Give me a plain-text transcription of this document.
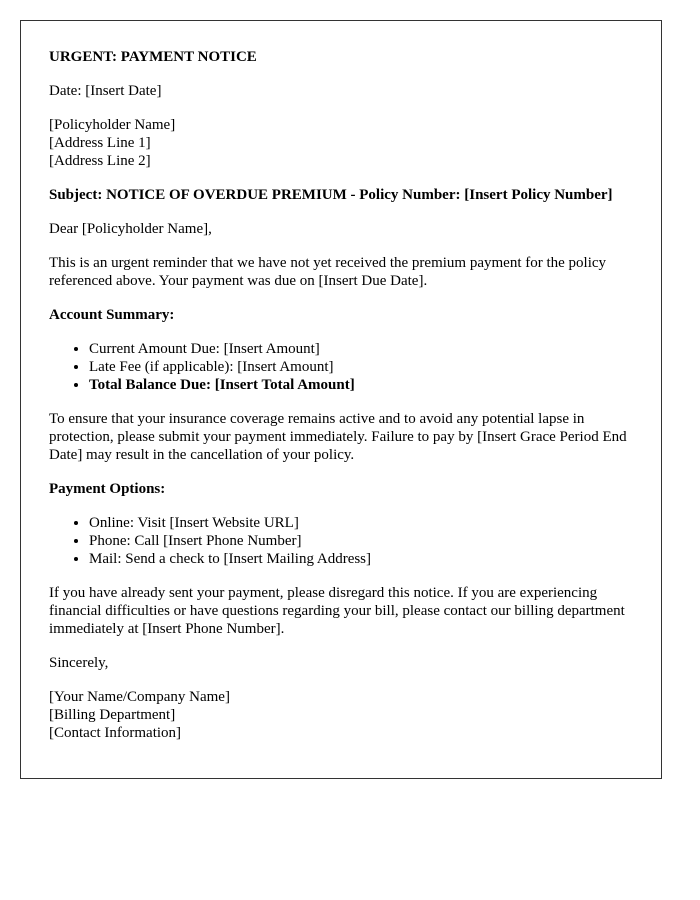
URGENT: PAYMENT NOTICE

Date: [Insert Date]

[Policyholder Name]
[Address Line 1]
[Address Line 2]

Subject: NOTICE OF OVERDUE PREMIUM - Policy Number: [Insert Policy Number]

Dear [Policyholder Name],

This is an urgent reminder that we have not yet received the premium payment for the policy referenced above. Your payment was due on [Insert Due Date].

Account Summary:

• Current Amount Due: [Insert Amount]
• Late Fee (if applicable): [Insert Amount]
• Total Balance Due: [Insert Total Amount]

To ensure that your insurance coverage remains active and to avoid any potential lapse in protection, please submit your payment immediately. Failure to pay by [Insert Grace Period End Date] may result in the cancellation of your policy.

Payment Options:

• Online: Visit [Insert Website URL]
• Phone: Call [Insert Phone Number]
• Mail: Send a check to [Insert Mailing Address]

If you have already sent your payment, please disregard this notice. If you are experiencing financial difficulties or have questions regarding your bill, please contact our billing department immediately at [Insert Phone Number].

Sincerely,

[Your Name/Company Name]
[Billing Department]
[Contact Information]
